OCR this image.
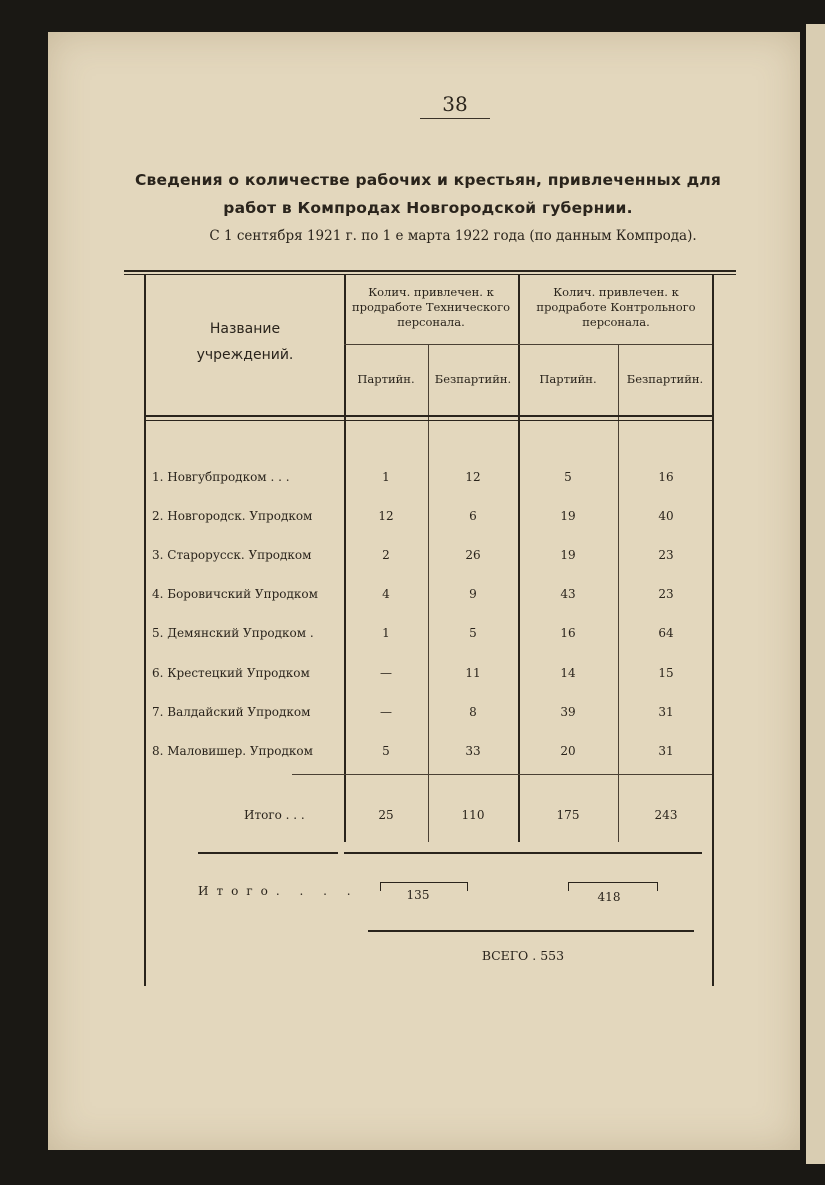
38
Сведения о количестве рабочих и крестьян, привлеченных для
работ в Компродах Новгородской губернии.
С 1 сентября 1921 г. по 1 е марта 1922 года (по данным Компрода).
Название учреждений.
Колич. привлечен. к продработе Технического персонала.
Колич. привлечен. к продработе Контрольного персонала.
Партийн.	Безпартийн.	Партийн.	Безпартийн.
1. Новгубпродком . . .	1	12	5	16
2. Новгородск. Упродком	12	6	19	40
3. Старорусск. Упродком	2	26	19	23
4. Боровичский Упродком	4	9	43	23
5. Демянский Упродком .	1	5	16	64
6. Крестецкий Упродком	—	11	14	15
7. Валдайский Упродком	—	8	39	31
8. Маловишер. Упродком	5	33	20	31
Итого . . .	25	110	175	243
Итого. . . .	135	418
ВСЕГО . 553
